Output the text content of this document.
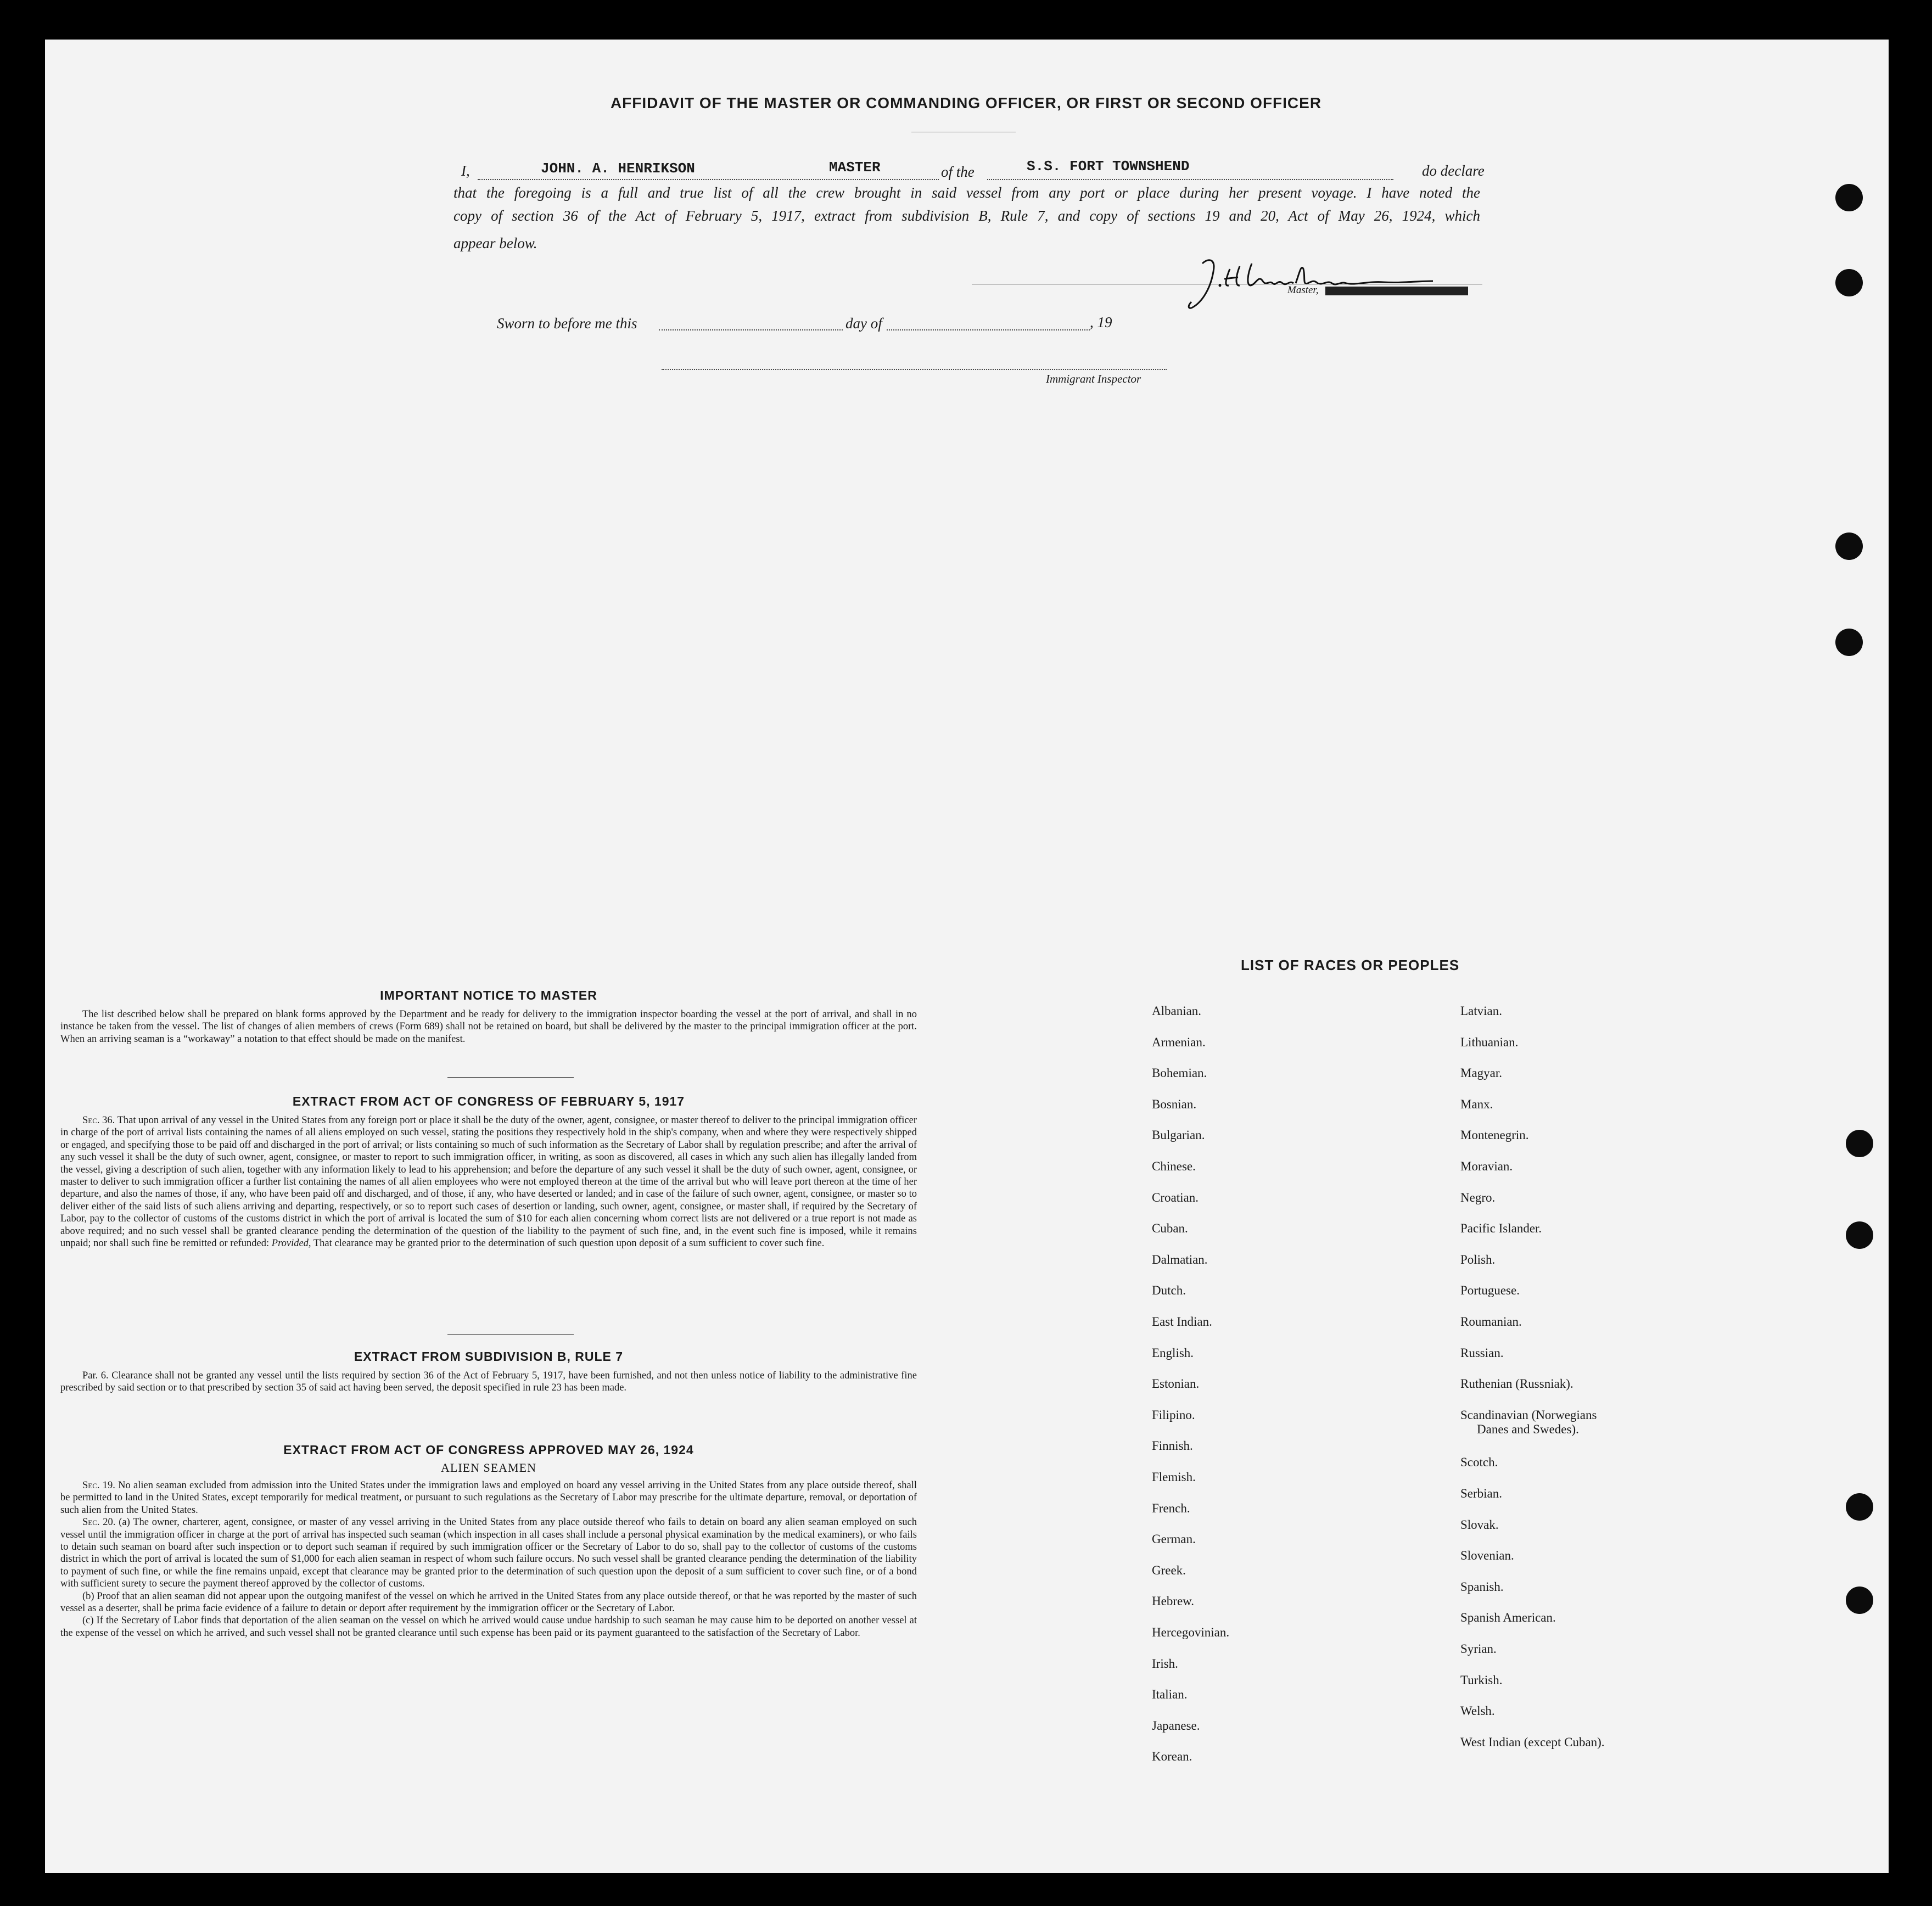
AFFIDAVIT OF THE MASTER OR COMMANDING OFFICER, OR FIRST OR SECOND OFFICER
I,	JOHN. A. HENRIKSON	MASTER	of the	S.S. FORT TOWNSHEND	do declare
that the foregoing is a full and true list of all the crew brought in said vessel from any port or place during her present voyage. I have noted the
copy of section 36 of the Act of February 5, 1917, extract from subdivision B, Rule 7, and copy of sections 19 and 20, Act of May 26, 1924, which
appear below.
Master,
Sworn to before me this	day of	, 19
Immigrant Inspector
IMPORTANT NOTICE TO MASTER
The list described below shall be prepared on blank forms approved by the Department and be ready for delivery to the immigration inspector boarding the vessel at the port of arrival, and shall in no instance be taken from the vessel. The list of changes of alien members of crews (Form 689) shall not be retained on board, but shall be delivered by the master to the principal immigration officer at the port. When an arriving seaman is a “workaway” a notation to that effect should be made on the manifest.
EXTRACT FROM ACT OF CONGRESS OF FEBRUARY 5, 1917
Sec. 36. That upon arrival of any vessel in the United States from any foreign port or place it shall be the duty of the owner, agent, consignee, or master thereof to deliver to the principal immigration officer in charge of the port of arrival lists containing the names of all aliens employed on such vessel, stating the positions they respectively hold in the ship's company, when and where they were respectively shipped or engaged, and specifying those to be paid off and discharged in the port of arrival; or lists containing so much of such information as the Secretary of Labor shall by regulation prescribe; and after the arrival of any such vessel it shall be the duty of such owner, agent, consignee, or master to report to such immigration officer, in writing, as soon as discovered, all cases in which any such alien has illegally landed from the vessel, giving a description of such alien, together with any information likely to lead to his apprehension; and before the departure of any such vessel it shall be the duty of such owner, agent, consignee, or master to deliver to such immigration officer a further list containing the names of all alien employees who were not employed thereon at the time of the arrival but who will leave port thereon at the time of her departure, and also the names of those, if any, who have been paid off and discharged, and of those, if any, who have deserted or landed; and in case of the failure of such owner, agent, consignee, or master so to deliver either of the said lists of such aliens arriving and departing, respectively, or so to report such cases of desertion or landing, such owner, agent, consignee, or master shall, if required by the Secretary of Labor, pay to the collector of customs of the customs district in which the port of arrival is located the sum of $10 for each alien concerning whom correct lists are not delivered or a true report is not made as above required; and no such vessel shall be granted clearance pending the determination of the question of the liability to the payment of such fine, and, in the event such fine is imposed, while it remains unpaid; nor shall such fine be remitted or refunded: Provided, That clearance may be granted prior to the determination of such question upon deposit of a sum sufficient to cover such fine.
EXTRACT FROM SUBDIVISION B, RULE 7
Par. 6. Clearance shall not be granted any vessel until the lists required by section 36 of the Act of February 5, 1917, have been furnished, and not then unless notice of liability to the administrative fine prescribed by said section or to that prescribed by section 35 of said act having been served, the deposit specified in rule 23 has been made.
EXTRACT FROM ACT OF CONGRESS APPROVED MAY 26, 1924
ALIEN SEAMEN
Sec. 19. No alien seaman excluded from admission into the United States under the immigration laws and employed on board any vessel arriving in the United States from any place outside thereof, shall be permitted to land in the United States, except temporarily for medical treatment, or pursuant to such regulations as the Secretary of Labor may prescribe for the ultimate departure, removal, or deportation of such alien from the United States.
Sec. 20. (a) The owner, charterer, agent, consignee, or master of any vessel arriving in the United States from any place outside thereof who fails to detain on board any alien seaman employed on such vessel until the immigration officer in charge at the port of arrival has inspected such seaman (which inspection in all cases shall include a personal physical examination by the medical examiners), or who fails to detain such seaman on board after such inspection or to deport such seaman if required by such immigration officer or the Secretary of Labor to do so, shall pay to the collector of customs of the customs district in which the port of arrival is located the sum of $1,000 for each alien seaman in respect of whom such failure occurs. No such vessel shall be granted clearance pending the determination of the liability to payment of such fine, or while the fine remains unpaid, except that clearance may be granted prior to the determination of such question upon the deposit of a sum sufficient to cover such fine, or of a bond with sufficient surety to secure the payment thereof approved by the collector of customs.
(b) Proof that an alien seaman did not appear upon the outgoing manifest of the vessel on which he arrived in the United States from any place outside thereof, or that he was reported by the master of such vessel as a deserter, shall be prima facie evidence of a failure to detain or deport after requirement by the immigration officer or the Secretary of Labor.
(c) If the Secretary of Labor finds that deportation of the alien seaman on the vessel on which he arrived would cause undue hardship to such seaman he may cause him to be deported on another vessel at the expense of the vessel on which he arrived, and such vessel shall not be granted clearance until such expense has been paid or its payment guaranteed to the satisfaction of the Secretary of Labor.
LIST OF RACES OR PEOPLES
Albanian.
Armenian.
Bohemian.
Bosnian.
Bulgarian.
Chinese.
Croatian.
Cuban.
Dalmatian.
Dutch.
East Indian.
English.
Estonian.
Filipino.
Finnish.
Flemish.
French.
German.
Greek.
Hebrew.
Hercegovinian.
Irish.
Italian.
Japanese.
Korean.
Latvian.
Lithuanian.
Magyar.
Manx.
Montenegrin.
Moravian.
Negro.
Pacific Islander.
Polish.
Portuguese.
Roumanian.
Russian.
Ruthenian (Russniak).
Scandinavian (Norwegians
Danes and Swedes).
Scotch.
Serbian.
Slovak.
Slovenian.
Spanish.
Spanish American.
Syrian.
Turkish.
Welsh.
West Indian (except Cuban).
